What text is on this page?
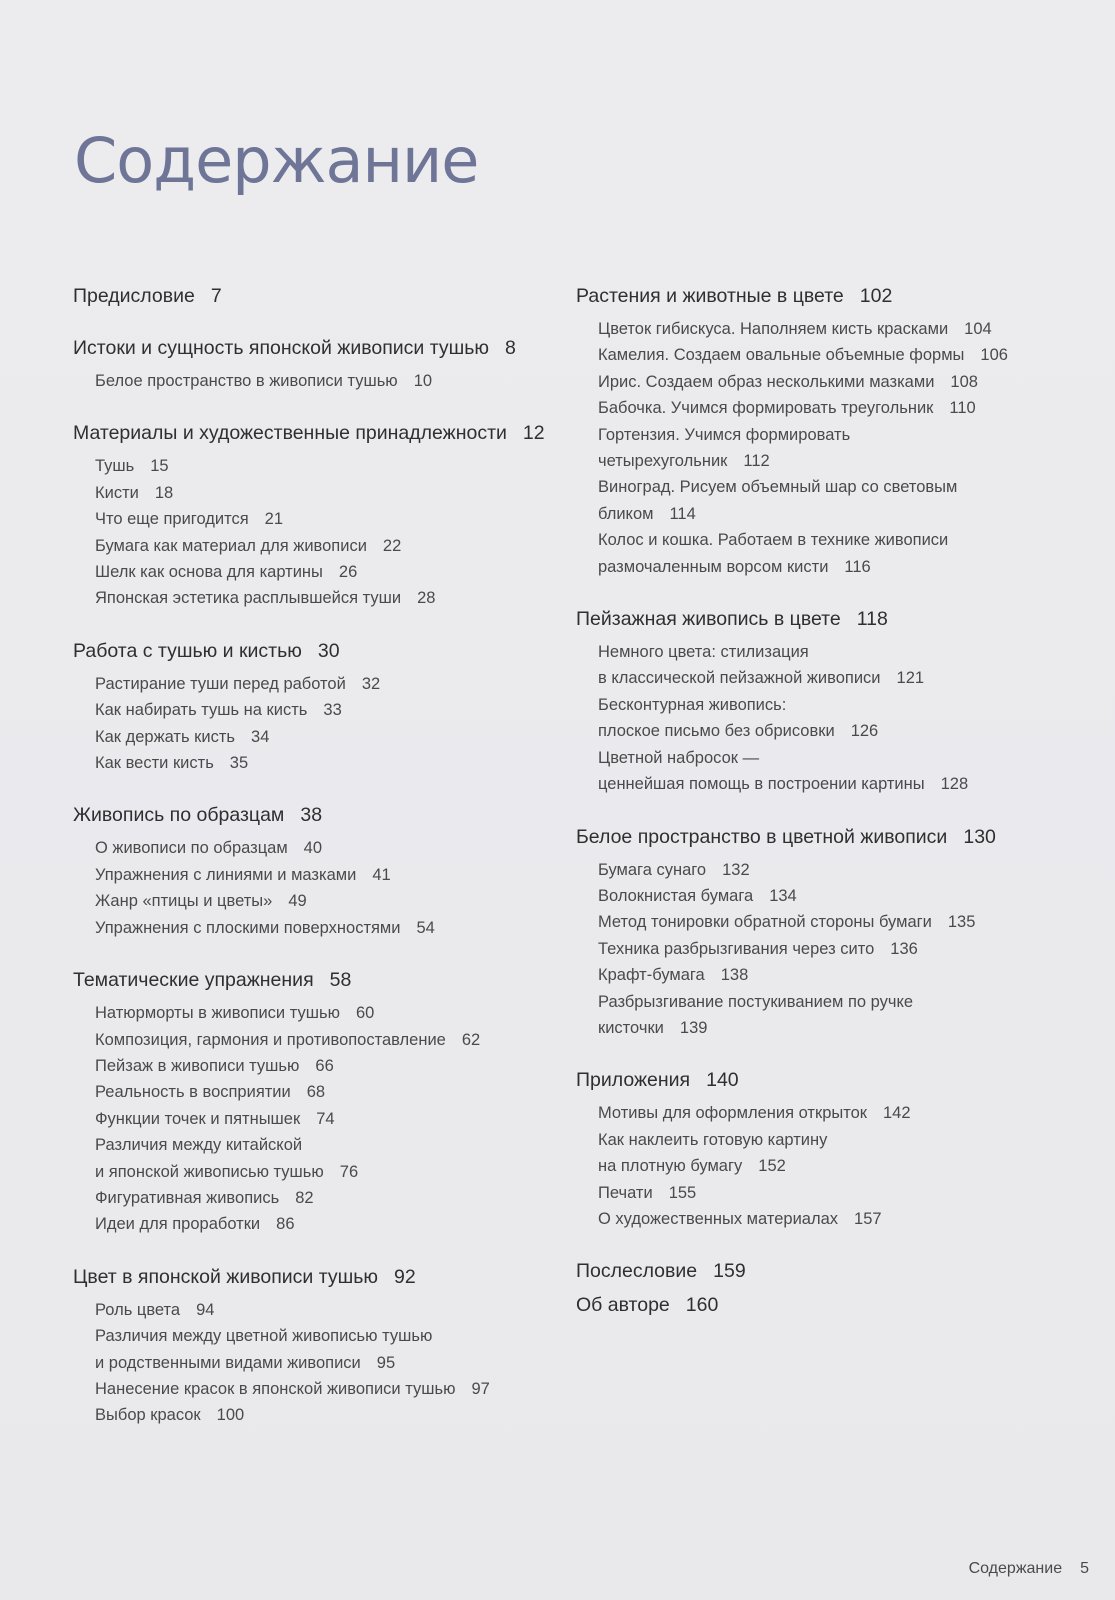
Содержание
Предисловие 7
Истоки и сущность японской живописи тушью 8
Белое пространство в живописи тушью 10
Материалы и художественные принадлежности 12
Тушь 15
Кисти 18
Что еще пригодится 21
Бумага как материал для живописи 22
Шелк как основа для картины 26
Японская эстетика расплывшейся туши 28
Работа с тушью и кистью 30
Растирание туши перед работой 32
Как набирать тушь на кисть 33
Как держать кисть 34
Как вести кисть 35
Живопись по образцам 38
О живописи по образцам 40
Упражнения с линиями и мазками 41
Жанр «птицы и цветы» 49
Упражнения с плоскими поверхностями 54
Тематические упражнения 58
Натюрморты в живописи тушью 60
Композиция, гармония и противопоставление 62
Пейзаж в живописи тушью 66
Реальность в восприятии 68
Функции точек и пятнышек 74
Различия между китайской
и японской живописью тушью 76
Фигуративная живопись 82
Идеи для проработки 86
Цвет в японской живописи тушью 92
Роль цвета 94
Различия между цветной живописью тушью
и родственными видами живописи 95
Нанесение красок в японской живописи тушью 97
Выбор красок 100
Растения и животные в цвете 102
Цветок гибискуса. Наполняем кисть красками 104
Камелия. Создаем овальные объемные формы 106
Ирис. Создаем образ несколькими мазками 108
Бабочка. Учимся формировать треугольник 110
Гортензия. Учимся формировать
четырехугольник 112
Виноград. Рисуем объемный шар со световым
бликом 114
Колос и кошка. Работаем в технике живописи
размочаленным ворсом кисти 116
Пейзажная живопись в цвете 118
Немного цвета: стилизация
в классической пейзажной живописи 121
Бесконтурная живопись:
плоское письмо без обрисовки 126
Цветной набросок —
ценнейшая помощь в построении картины 128
Белое пространство в цветной живописи 130
Бумага сунаго 132
Волокнистая бумага 134
Метод тонировки обратной стороны бумаги 135
Техника разбрызгивания через сито 136
Крафт-бумага 138
Разбрызгивание постукиванием по ручке
кисточки 139
Приложения 140
Мотивы для оформления открыток 142
Как наклеить готовую картину
на плотную бумагу 152
Печати 155
О художественных материалах 157
Послесловие 159
Об авторе 160
Содержание 5
